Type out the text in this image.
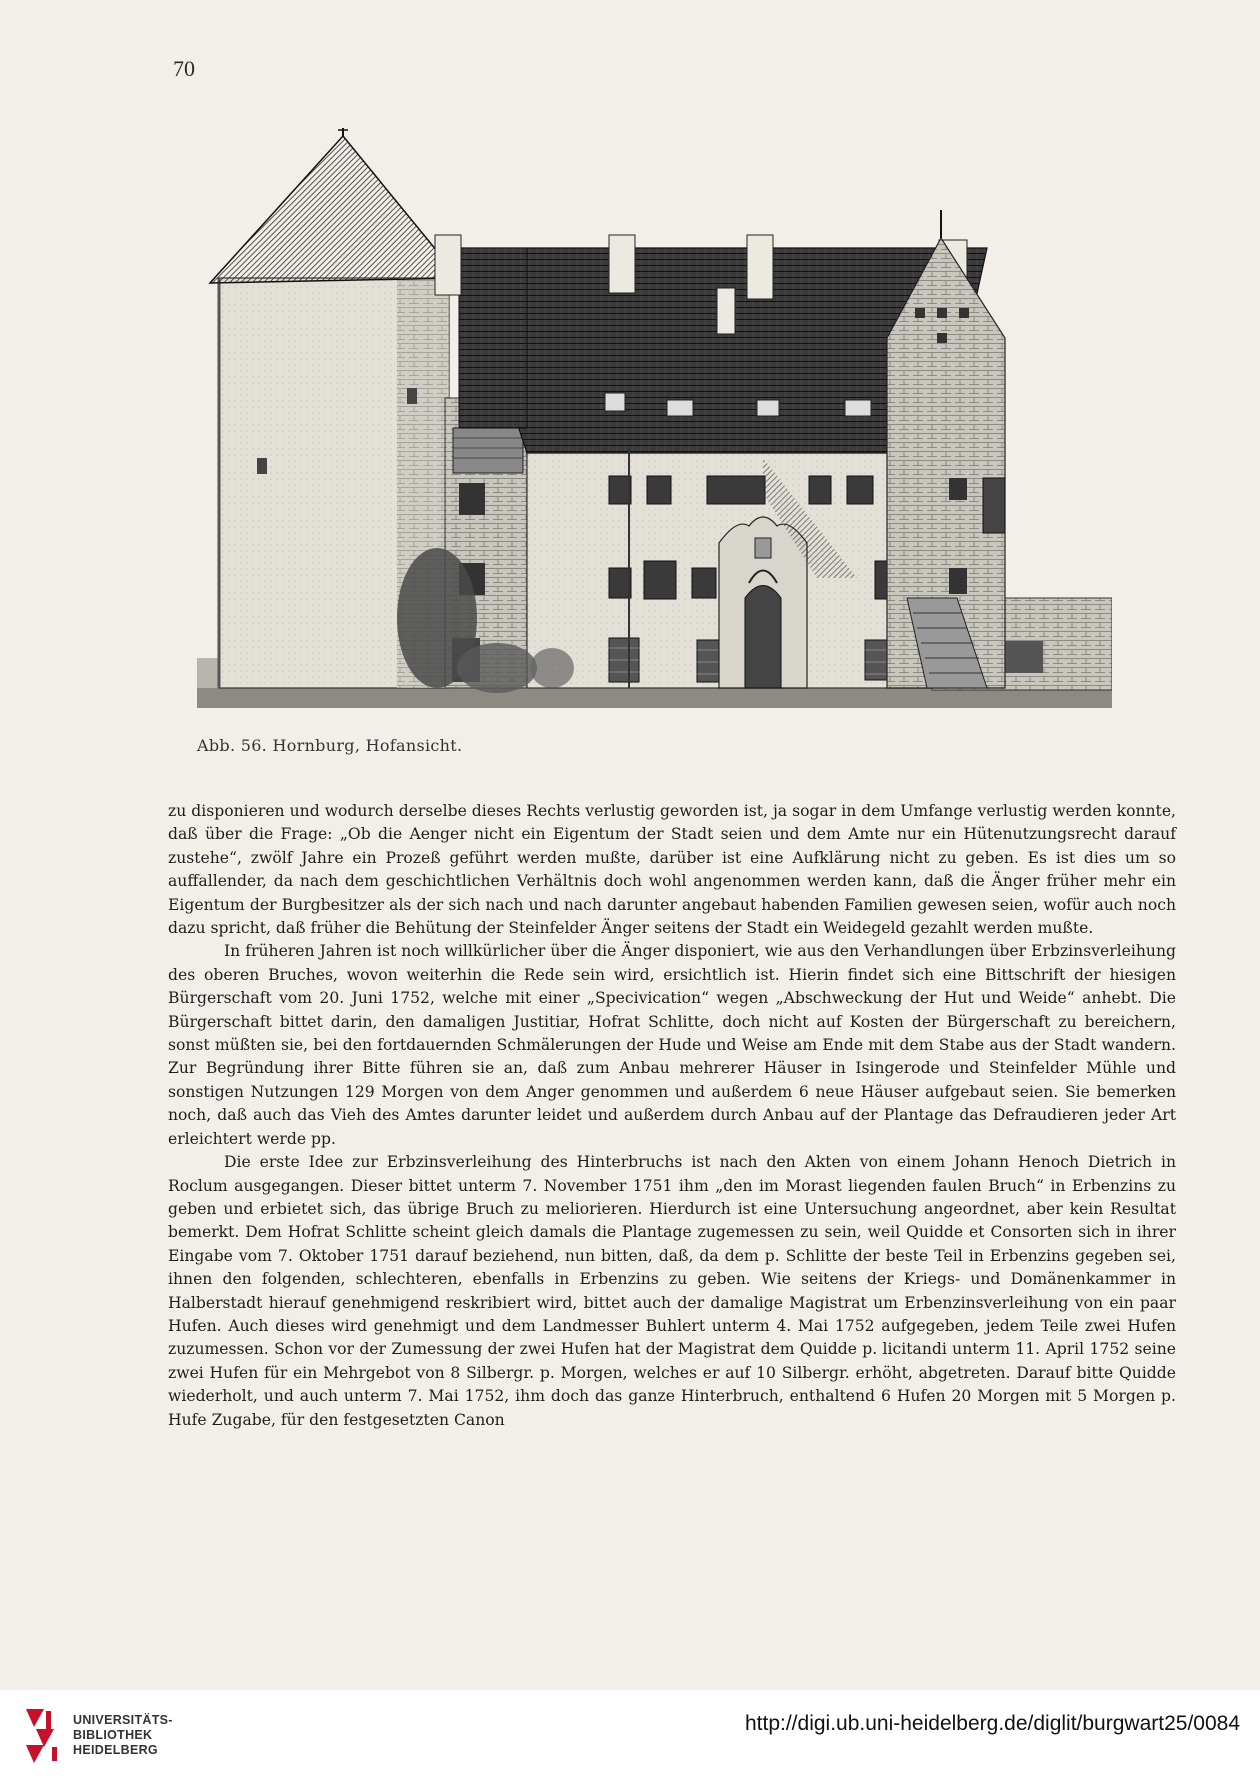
70
Abb. 56. Hornburg, Hofansicht.

zu disponieren und wodurch derselbe dieses Rechts verlustig geworden ist, ja sogar in dem Umfange verlustig werden konnte, daß über die Frage: „Ob die Aenger nicht ein Eigentum der Stadt seien und dem Amte nur ein Hütenutzungsrecht darauf zustehe“, zwölf Jahre ein Prozeß geführt werden mußte, darüber ist eine Aufklärung nicht zu geben. Es ist dies um so auffallender, da nach dem geschichtlichen Verhältnis doch wohl angenommen werden kann, daß die Änger früher mehr ein Eigentum der Burgbesitzer als der sich nach und nach darunter angebaut habenden Familien gewesen seien, wofür auch noch dazu spricht, daß früher die Behütung der Steinfelder Änger seitens der Stadt ein Weidegeld gezahlt werden mußte.

In früheren Jahren ist noch willkürlicher über die Änger disponiert, wie aus den Verhandlungen über Erbzinsverleihung des oberen Bruches, wovon weiterhin die Rede sein wird, ersichtlich ist. Hierin findet sich eine Bittschrift der hiesigen Bürgerschaft vom 20. Juni 1752, welche mit einer „Specivication“ wegen „Abschweckung der Hut und Weide“ anhebt. Die Bürgerschaft bittet darin, den damaligen Justitiar, Hofrat Schlitte, doch nicht auf Kosten der Bürgerschaft zu bereichern, sonst müßten sie, bei den fortdauernden Schmälerungen der Hude und Weise am Ende mit dem Stabe aus der Stadt wandern. Zur Begründung ihrer Bitte führen sie an, daß zum Anbau mehrerer Häuser in Isingerode und Steinfelder Mühle und sonstigen Nutzungen 129 Morgen von dem Anger genommen und außerdem 6 neue Häuser aufgebaut seien. Sie bemerken noch, daß auch das Vieh des Amtes darunter leidet und außerdem durch Anbau auf der Plantage das Defraudieren jeder Art erleichtert werde pp.

Die erste Idee zur Erbzinsverleihung des Hinterbruchs ist nach den Akten von einem Johann Henoch Dietrich in Roclum ausgegangen. Dieser bittet unterm 7. November 1751 ihm „den im Morast liegenden faulen Bruch“ in Erbenzins zu geben und erbietet sich, das übrige Bruch zu meliorieren. Hierdurch ist eine Untersuchung angeordnet, aber kein Resultat bemerkt. Dem Hofrat Schlitte scheint gleich damals die Plantage zugemessen zu sein, weil Quidde et Consorten sich in ihrer Eingabe vom 7. Oktober 1751 darauf beziehend, nun bitten, daß, da dem p. Schlitte der beste Teil in Erbenzins gegeben sei, ihnen den folgenden, schlechteren, ebenfalls in Erbenzins zu geben. Wie seitens der Kriegs- und Domänenkammer in Halberstadt hierauf genehmigend reskribiert wird, bittet auch der damalige Magistrat um Erbenzinsverleihung von ein paar Hufen. Auch dieses wird genehmigt und dem Landmesser Buhlert unterm 4. Mai 1752 aufgegeben, jedem Teile zwei Hufen zuzumessen. Schon vor der Zumessung der zwei Hufen hat der Magistrat dem Quidde p. licitandi unterm 11. April 1752 seine zwei Hufen für ein Mehrgebot von 8 Silbergr. p. Morgen, welches er auf 10 Silbergr. erhöht, abgetreten. Darauf bitte Quidde wiederholt, und auch unterm 7. Mai 1752, ihm doch das ganze Hinterbruch, enthaltend 6 Hufen 20 Morgen mit 5 Morgen p. Hufe Zugabe, für den festgesetzten Canon

UNIVERSITÄTS-
BIBLIOTHEK
HEIDELBERG
http://digi.ub.uni-heidelberg.de/diglit/burgwart25/0084
